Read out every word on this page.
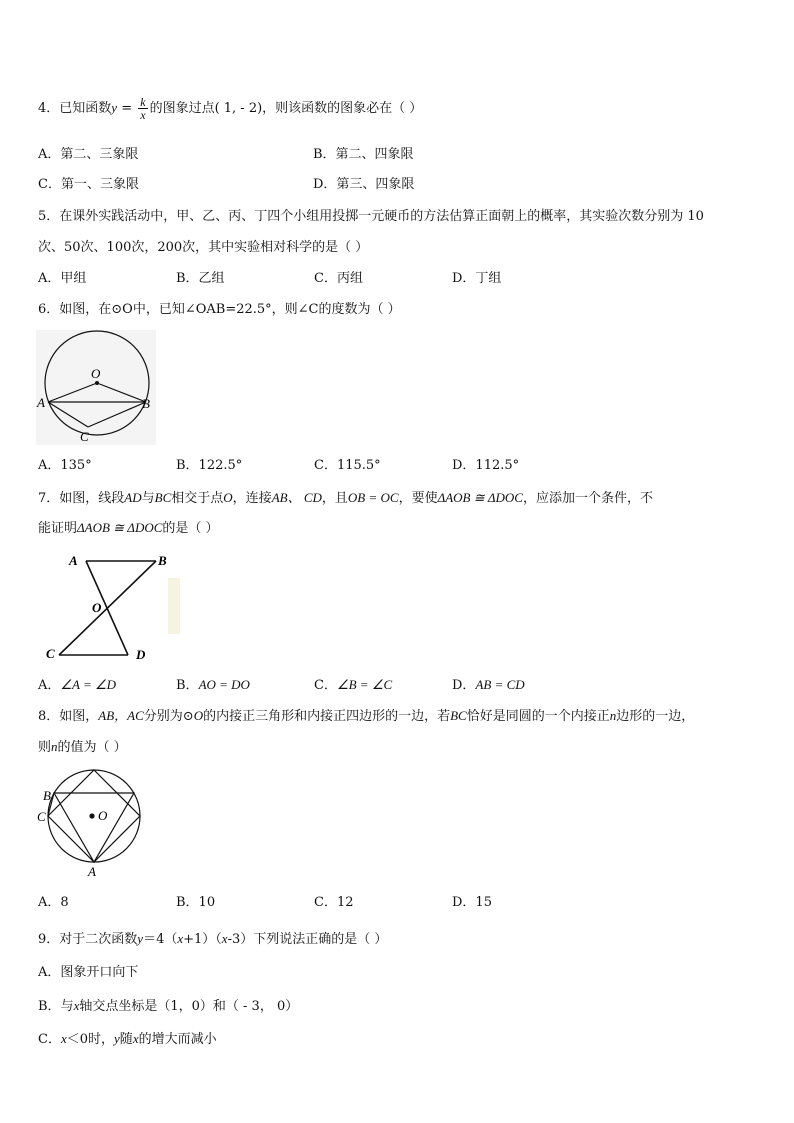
4．已知函数$y = \frac{k}{x}$ 的图象过点( 1, - 2)，则该函数的图象必在（ ）
A．第二、三象限	B．第二、四象限
C．第一、三象限	D．第三、四象限
5．在课外实践活动中，甲、乙、丙、丁四个小组用投掷一元硬币的方法估算正面朝上的概率，其实验次数分别为 10
次、50次、100次，200次，其中实验相对科学的是（ ）
A．甲组	B．乙组	C．丙组	D．丁组
6．如图，在⊙O中，已知∠OAB=22.5°，则∠C的度数为（ ）
O
A	B
C
A．135°	B．122.5°	C．115.5°	D．112.5°
7．如图，线段AD与BC相交于点O，连接AB、 CD，且OB = OC，要使ΔAOB ≅ ΔDOC，应添加一个条件，不
能证明ΔAOB ≅ ΔDOC的是（ ）
A	B
O
C	D
A．∠A = ∠D	B．AO = DO	C．∠B = ∠C	D．AB = CD
8．如图，AB，AC分别为⊙O的内接正三角形和内接正四边形的一边，若BC恰好是同圆的一个内接正n边形的一边，
则n的值为（ ）
O
B
C
A
A．8	B．10	C．12	D．15
9．对于二次函数y＝4（x+1）（x-3）下列说法正确的是（ ）
A．图象开口向下
B．与x轴交点坐标是（1，0）和（ - 3， 0）
C．x＜0时，y随x的增大而减小
